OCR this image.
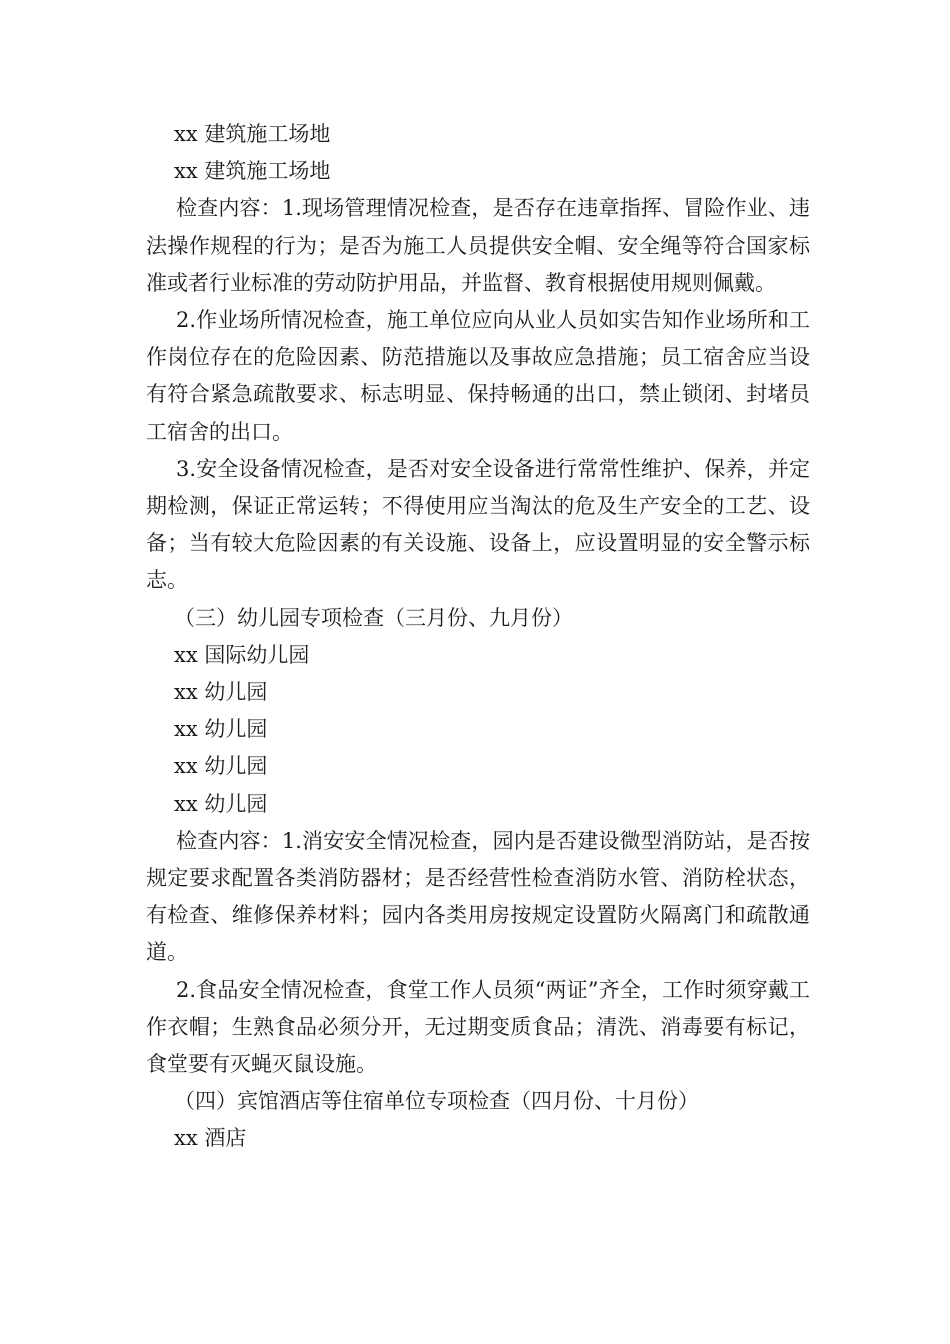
xx 建筑施工场地

xx 建筑施工场地

检查内容：1.现场管理情况检查，是否存在违章指挥、冒险作业、违法操作规程的行为；是否为施工人员提供安全帽、安全绳等符合国家标准或者行业标准的劳动防护用品，并监督、教育根据使用规则佩戴。

2.作业场所情况检查，施工单位应向从业人员如实告知作业场所和工作岗位存在的危险因素、防范措施以及事故应急措施；员工宿舍应当设有符合紧急疏散要求、标志明显、保持畅通的出口，禁止锁闭、封堵员工宿舍的出口。

3.安全设备情况检查，是否对安全设备进行常常性维护、保养，并定期检测，保证正常运转；不得使用应当淘汰的危及生产安全的工艺、设备；当有较大危险因素的有关设施、设备上，应设置明显的安全警示标志。

（三）幼儿园专项检查（三月份、九月份）

xx 国际幼儿园

xx 幼儿园

xx 幼儿园

xx 幼儿园

xx 幼儿园

检查内容：1.消安安全情况检查，园内是否建设微型消防站，是否按规定要求配置各类消防器材；是否经营性检查消防水管、消防栓状态，有检查、维修保养材料；园内各类用房按规定设置防火隔离门和疏散通道。

2.食品安全情况检查，食堂工作人员须“两证”齐全，工作时须穿戴工作衣帽；生熟食品必须分开，无过期变质食品；清洗、消毒要有标记，食堂要有灭蝇灭鼠设施。

（四）宾馆酒店等住宿单位专项检查（四月份、十月份）

xx 酒店
